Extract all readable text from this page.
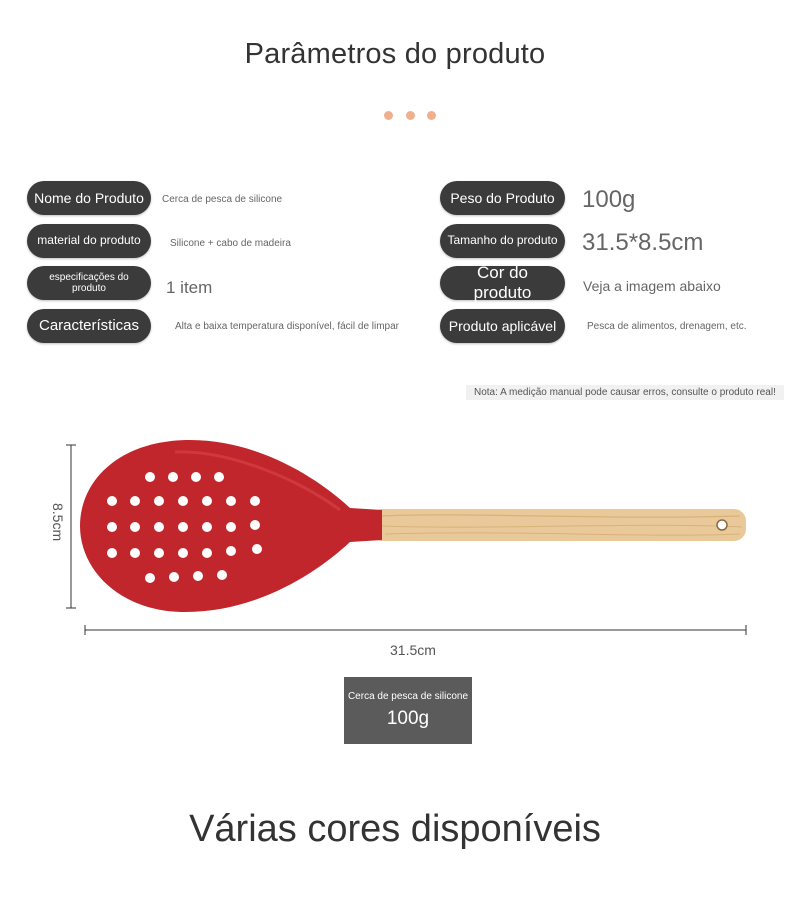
Parâmetros do produto

Nome do Produto	Cerca de pesca de silicone
material do produto	Silicone + cabo de madeira
especificações do produto	1 item
Características	Alta e baixa temperatura disponível, fácil de limpar
Peso do Produto	100g
Tamanho do produto	31.5*8.5cm
Cor do produto	Veja a imagem abaixo
Produto aplicável	Pesca de alimentos, drenagem, etc.
Nota: A medição manual pode causar erros, consulte o produto real!
8.5cm
31.5cm
Cerca de pesca de silicone
100g

Várias cores disponíveis
